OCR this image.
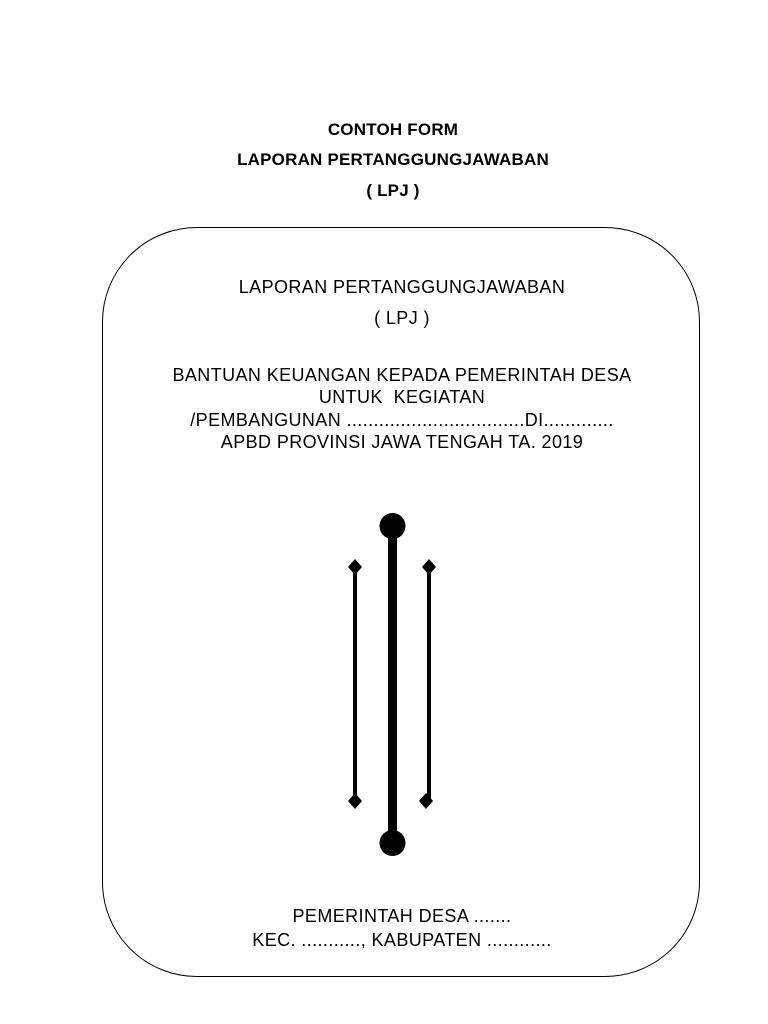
CONTOH FORM
LAPORAN PERTANGGUNGJAWABAN
( LPJ )
LAPORAN PERTANGGUNGJAWABAN
( LPJ )
BANTUAN KEUANGAN KEPADA PEMERINTAH DESA
UNTUK  KEGIATAN
/PEMBANGUNAN .................................DI.............
APBD PROVINSI JAWA TENGAH TA. 2019
PEMERINTAH DESA .......
KEC. ..........., KABUPATEN ............
